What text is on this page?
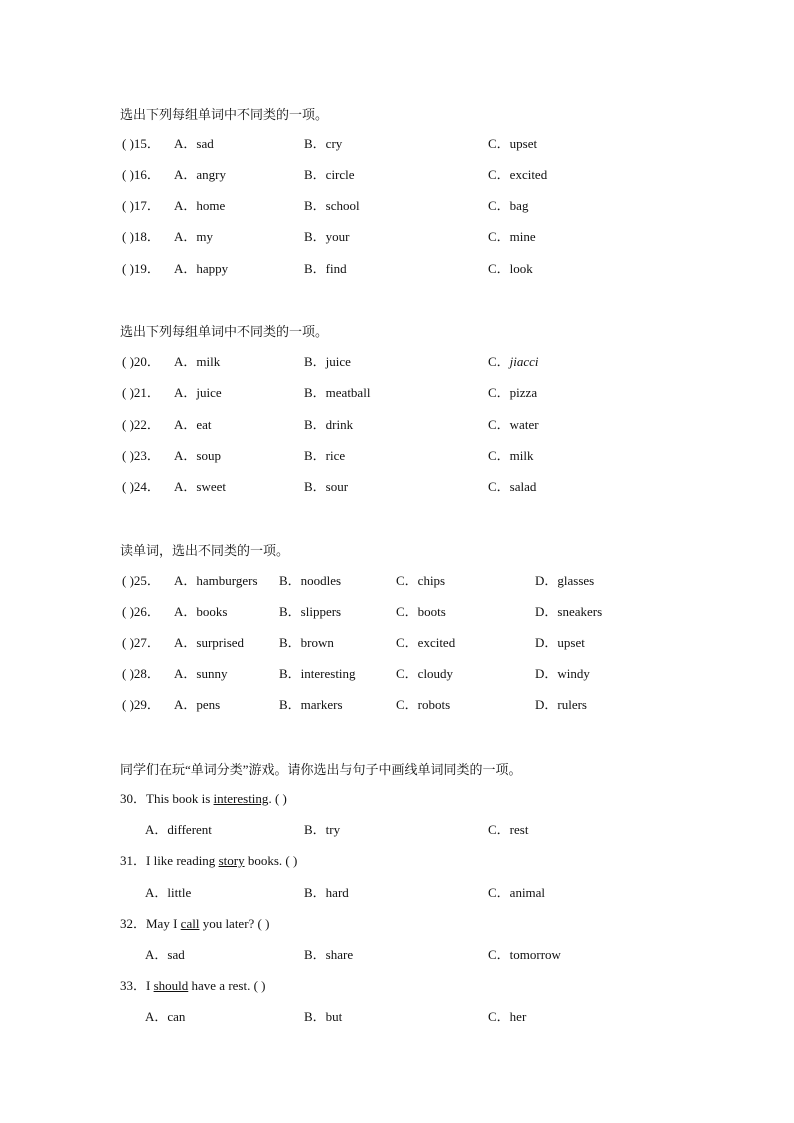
选出下列每组单词中不同类的一项。
( )15． A．sad	B．cry	C．upset
( )16． A．angry	B．circle	C．excited
( )17． A．home	B．school	C．bag
( )18． A．my	B．your	C．mine
( )19． A．happy	B．find	C．look
选出下列每组单词中不同类的一项。
( )20． A．milk	B．juice	C．jiacci
( )21． A．juice	B．meatball	C．pizza
( )22． A．eat	B．drink	C．water
( )23． A．soup	B．rice	C．milk
( )24． A．sweet	B．sour	C．salad
读单词，选出不同类的一项。
( )25． A．hamburgers B．noodles	C．chips	D．glasses
( )26． A．books	B．slippers	C．boots	D．sneakers
( )27． A．surprised	B．brown	C．excited	D．upset
( )28． A．sunny	B．interesting	C．cloudy	D．windy
( )29． A．pens	B．markers	C．robots	D．rulers
同学们在玩“单词分类”游戏。请你选出与句子中画线单词同类的一项。
30．This book is interesting. ( )
A．different	B．try	C．rest
31．I like reading story books. ( )
A．little	B．hard	C．animal
32．May I call you later? ( )
A．sad	B．share	C．tomorrow
33．I should have a rest. ( )
A．can	B．but	C．her
